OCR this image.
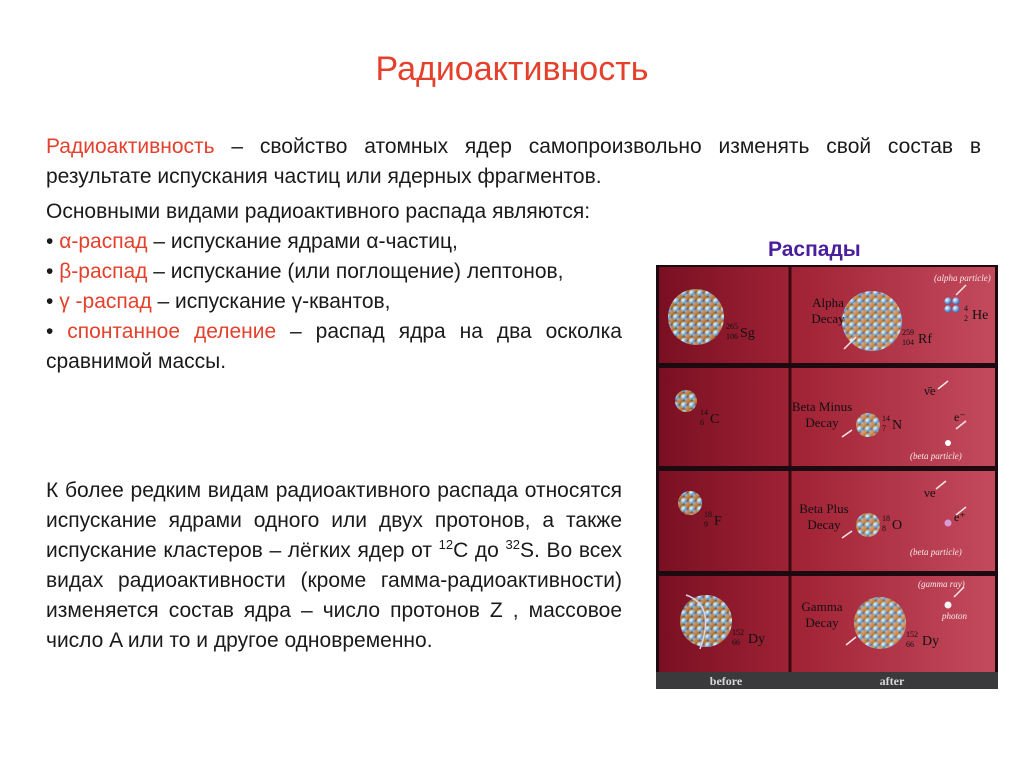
Радиоактивность
Радиоактивность – свойство атомных ядер самопроизвольно изменять свой состав в результате испускания частиц или ядерных фрагментов.
Основными видами радиоактивного распада являются:
• α-распад – испускание ядрами α-частиц,
• β-распад – испускание (или поглощение) лептонов,
• γ -распад – испускание γ-квантов,
• спонтанное деление – распад ядра на два осколка сравнимой массы.
К более редким видам радиоактивного распада относятся испускание ядрами одного или двух протонов, а также испускание кластеров – лёгких ядер от $^{12}$C до $^{32}$S. Во всех видах радиоактивности (кроме гамма-радиоактивности) изменяется состав ядра – число протонов Z , массовое число A или то и другое одновременно.
Распады
Alpha
Decay
(alpha particle)
265
106 Sg	259
104 Rf
4
2 He
Beta Minus
Decay
(beta particle)
ν̄e
e⁻
14
6 C	14
7 N
Beta Plus
Decay
(beta particle)
νe
e⁺
18
9 F	18
8 O
Gamma
Decay
(gamma ray)
photon
152
66 Dy	152
66 Dy
before	after
